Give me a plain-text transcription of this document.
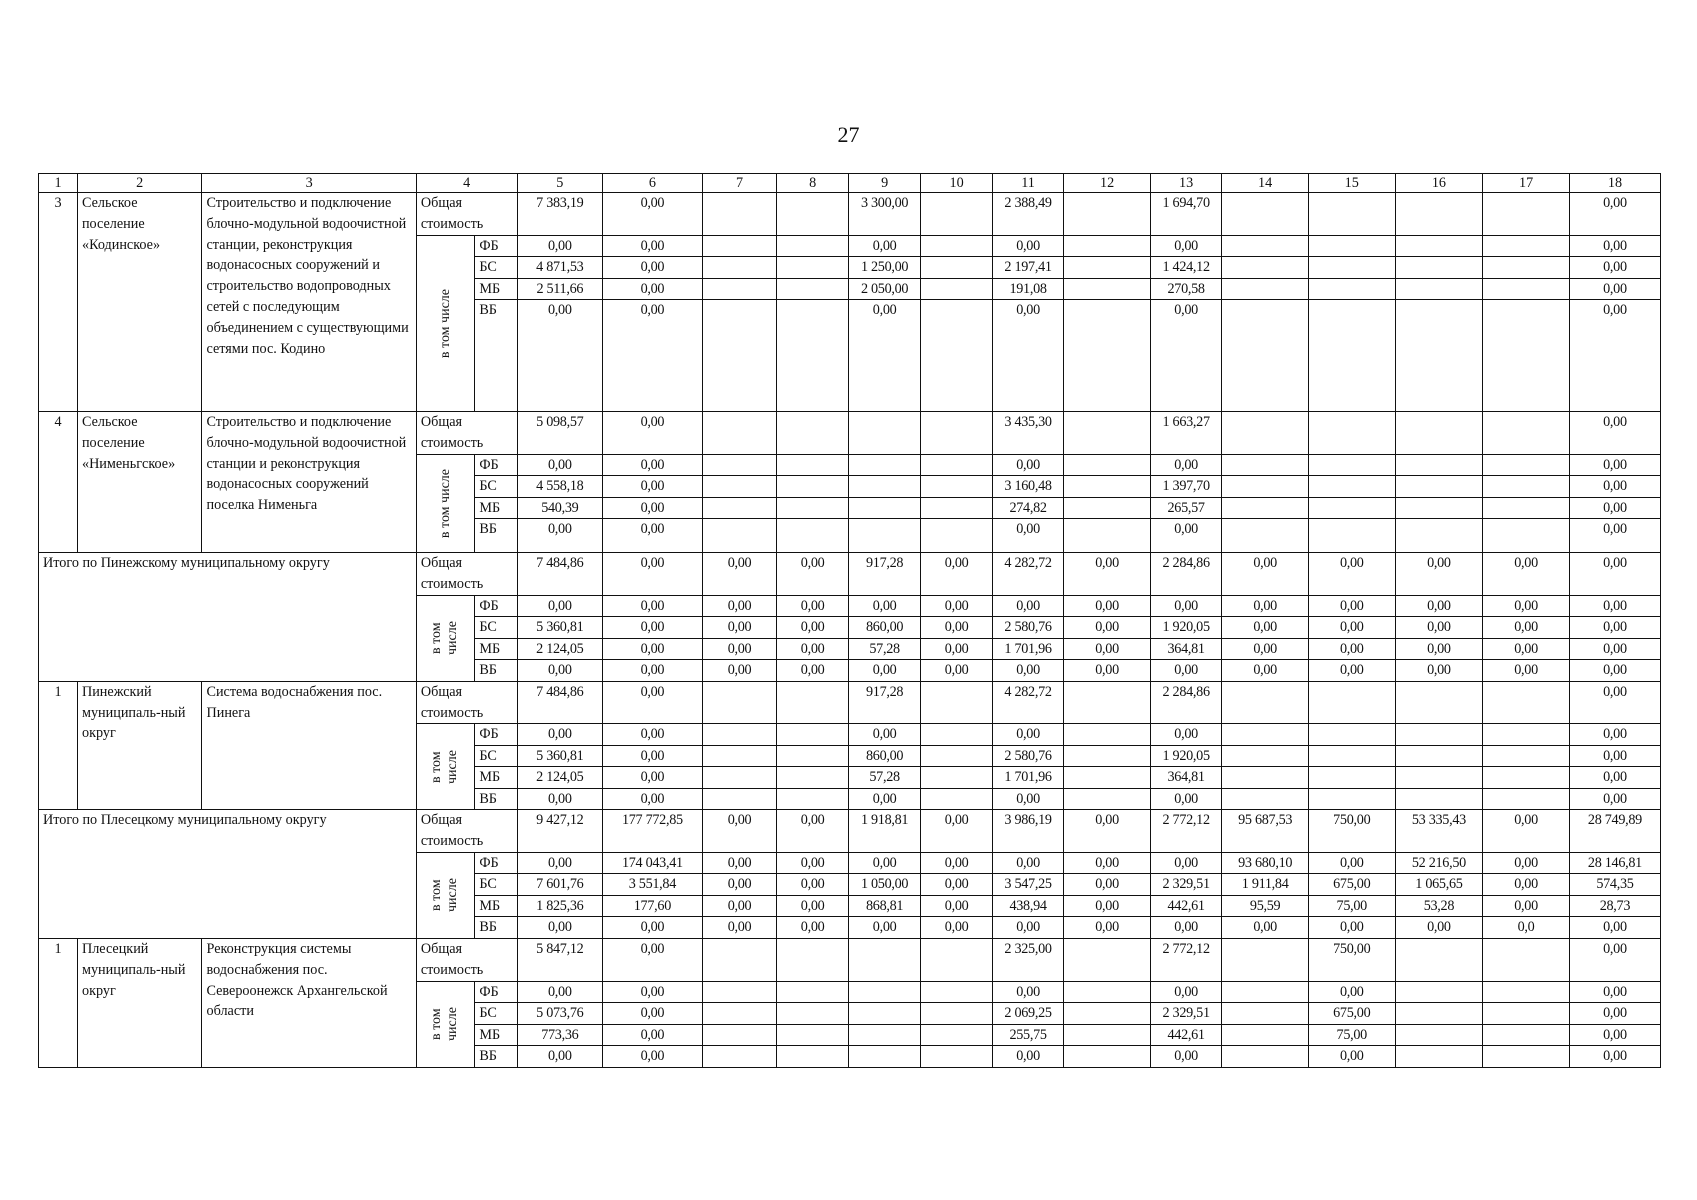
27
1	2	3	4		5	6	7	8	9	10	11	12	13	14	15	16	17	18
3	Сельское поселение «Кодинское»	Строительство и подключение блочно-модульной водоочистной станции, реконструкция водонасосных сооружений и строительство водопроводных сетей с последующим объединением с существующими сетями пос. Кодино	Общая стоимость		7 383,19	0,00			3 300,00		2 388,49		1 694,70					0,00

			в том числе	ФБ	0,00	0,00			0,00		0,00		0,00					0,00
				БС	4 871,53	0,00			1 250,00		2 197,41		1 424,12					0,00
				МБ	2 511,66	0,00			2 050,00		191,08		270,58					0,00
				ВБ	0,00	0,00			0,00		0,00		0,00					0,00
4	Сельское поселение «Нименьгское»	Строительство и подключение блочно-модульной водоочистной станции и реконструкция водонасосных сооружений поселка Нименьга	Общая стоимость		5 098,57	0,00					3 435,30		1 663,27					0,00

			в том числе	ФБ	0,00	0,00					0,00		0,00					0,00
				БС	4 558,18	0,00					3 160,48		1 397,70					0,00
				МБ	540,39	0,00					274,82		265,57					0,00
				ВБ	0,00	0,00					0,00		0,00					0,00
Итого по Пинежскому муниципальному округу			Общая стоимость		7 484,86	0,00	0,00	0,00	917,28	0,00	4 282,72	0,00	2 284,86	0,00	0,00	0,00	0,00	0,00

			в том числе	ФБ	0,00	0,00	0,00	0,00	0,00	0,00	0,00	0,00	0,00	0,00	0,00	0,00	0,00	0,00
				БС	5 360,81	0,00	0,00	0,00	860,00	0,00	2 580,76	0,00	1 920,05	0,00	0,00	0,00	0,00	0,00
				МБ	2 124,05	0,00	0,00	0,00	57,28	0,00	1 701,96	0,00	364,81	0,00	0,00	0,00	0,00	0,00
				ВБ	0,00	0,00	0,00	0,00	0,00	0,00	0,00	0,00	0,00	0,00	0,00	0,00	0,00	0,00
1	Пинежский муниципаль-ный округ	Система водоснабжения пос. Пинега	Общая стоимость		7 484,86	0,00			917,28		4 282,72		2 284,86					0,00

			в том числе	ФБ	0,00	0,00			0,00		0,00		0,00					0,00
				БС	5 360,81	0,00			860,00		2 580,76		1 920,05					0,00
				МБ	2 124,05	0,00			57,28		1 701,96		364,81					0,00
				ВБ	0,00	0,00			0,00		0,00		0,00					0,00
Итого по Плесецкому муниципальному округу			Общая стоимость		9 427,12	177 772,85	0,00	0,00	1 918,81	0,00	3 986,19	0,00	2 772,12	95 687,53	750,00	53 335,43	0,00	28 749,89

			в том числе	ФБ	0,00	174 043,41	0,00	0,00	0,00	0,00	0,00	0,00	0,00	93 680,10	0,00	52 216,50	0,00	28 146,81
				БС	7 601,76	3 551,84	0,00	0,00	1 050,00	0,00	3 547,25	0,00	2 329,51	1 911,84	675,00	1 065,65	0,00	574,35
				МБ	1 825,36	177,60	0,00	0,00	868,81	0,00	438,94	0,00	442,61	95,59	75,00	53,28	0,00	28,73
				ВБ	0,00	0,00	0,00	0,00	0,00	0,00	0,00	0,00	0,00	0,00	0,00	0,00	0,0	0,00
1	Плесецкий муниципаль-ный округ	Реконструкция системы водоснабжения пос. Североонежск Архангельской области	Общая стоимость		5 847,12	0,00					2 325,00		2 772,12		750,00			0,00

			в том числе	ФБ	0,00	0,00					0,00		0,00		0,00			0,00
				БС	5 073,76	0,00					2 069,25		2 329,51		675,00			0,00
				МБ	773,36	0,00					255,75		442,61		75,00			0,00
				ВБ	0,00	0,00					0,00		0,00		0,00			0,00
